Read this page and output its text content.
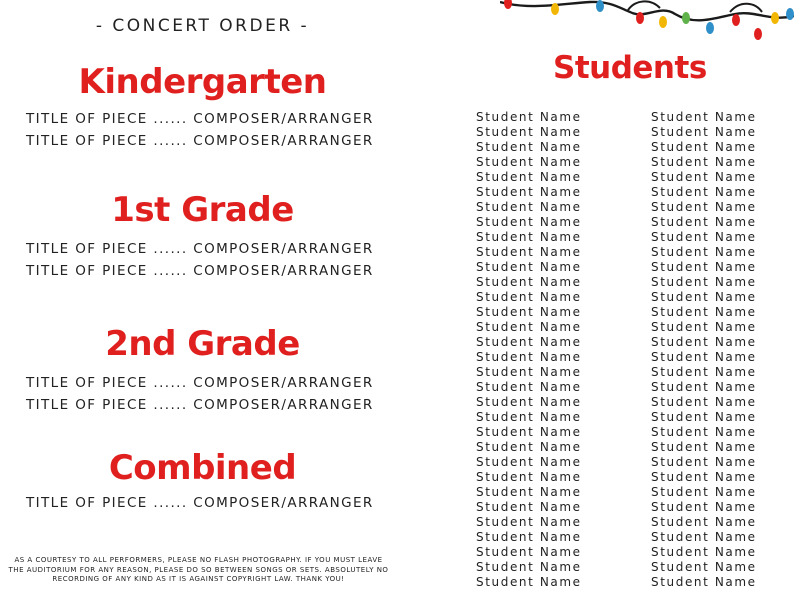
- CONCERT ORDER -
Kindergarten
TITLE OF PIECE ...... COMPOSER/ARRANGER
TITLE OF PIECE ...... COMPOSER/ARRANGER
1st Grade
TITLE OF PIECE ...... COMPOSER/ARRANGER
TITLE OF PIECE ...... COMPOSER/ARRANGER
2nd Grade
TITLE OF PIECE ...... COMPOSER/ARRANGER
TITLE OF PIECE ...... COMPOSER/ARRANGER
Combined
TITLE OF PIECE ...... COMPOSER/ARRANGER
AS A COURTESY TO ALL PERFORMERS, PLEASE NO FLASH PHOTOGRAPHY. IF YOU MUST LEAVE THE AUDITORIUM FOR ANY REASON, PLEASE DO SO BETWEEN SONGS OR SETS. ABSOLUTELY NO RECORDING OF ANY KIND AS IT IS AGAINST COPYRIGHT LAW. THANK YOU!
Students
Student Name
Student Name
Student Name
Student Name
Student Name
Student Name
Student Name
Student Name
Student Name
Student Name
Student Name
Student Name
Student Name
Student Name
Student Name
Student Name
Student Name
Student Name
Student Name
Student Name
Student Name
Student Name
Student Name
Student Name
Student Name
Student Name
Student Name
Student Name
Student Name
Student Name
Student Name
Student Name
Student Name
Student Name
Student Name
Student Name
Student Name
Student Name
Student Name
Student Name
Student Name
Student Name
Student Name
Student Name
Student Name
Student Name
Student Name
Student Name
Student Name
Student Name
Student Name
Student Name
Student Name
Student Name
Student Name
Student Name
Student Name
Student Name
Student Name
Student Name
Student Name
Student Name
Student Name
Student Name
